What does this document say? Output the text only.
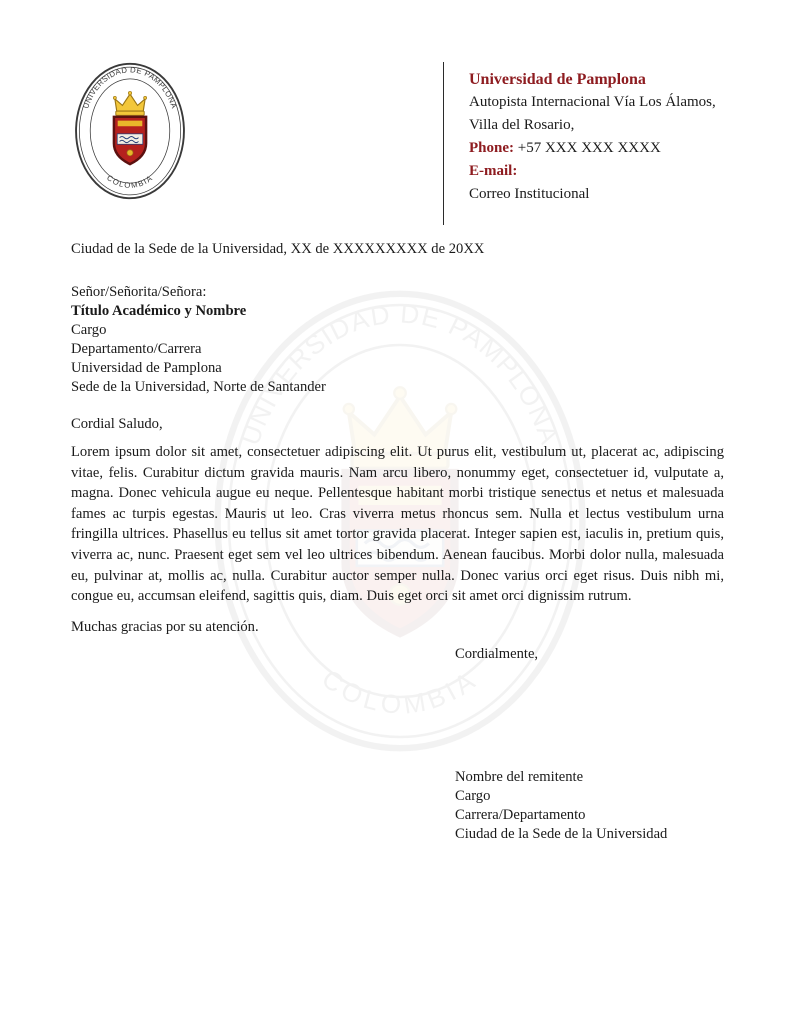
UNIVERSIDAD DE PAMPLONA
COLOMBIA
Universidad de Pamplona
Autopista Internacional Vía Los Álamos,
Villa del Rosario,
Phone: +57 XXX XXX XXXX
E-mail:
Correo Institucional

Ciudad de la Sede de la Universidad, XX de XXXXXXXXX de 20XX

Señor/Señorita/Señora:
Título Académico y Nombre
Cargo
Departamento/Carrera
Universidad de Pamplona
Sede de la Universidad, Norte de Santander

Cordial Saludo,

Lorem ipsum dolor sit amet, consectetuer adipiscing elit. Ut purus elit, vestibulum ut, placerat ac, adipiscing vitae, felis. Curabitur dictum gravida mauris. Nam arcu libero, nonummy eget, consectetuer id, vulputate a, magna. Donec vehicula augue eu neque. Pellentesque habitant morbi tristique senectus et netus et malesuada fames ac turpis egestas. Mauris ut leo. Cras viverra metus rhoncus sem. Nulla et lectus vestibulum urna fringilla ultrices. Phasellus eu tellus sit amet tortor gravida placerat. Integer sapien est, iaculis in, pretium quis, viverra ac, nunc. Praesent eget sem vel leo ultrices bibendum. Aenean faucibus. Morbi dolor nulla, malesuada eu, pulvinar at, mollis ac, nulla. Curabitur auctor semper nulla. Donec varius orci eget risus. Duis nibh mi, congue eu, accumsan eleifend, sagittis quis, diam. Duis eget orci sit amet orci dignissim rutrum.

Muchas gracias por su atención.

Cordialmente,

Nombre del remitente
Cargo
Carrera/Departamento
Ciudad de la Sede de la Universidad
